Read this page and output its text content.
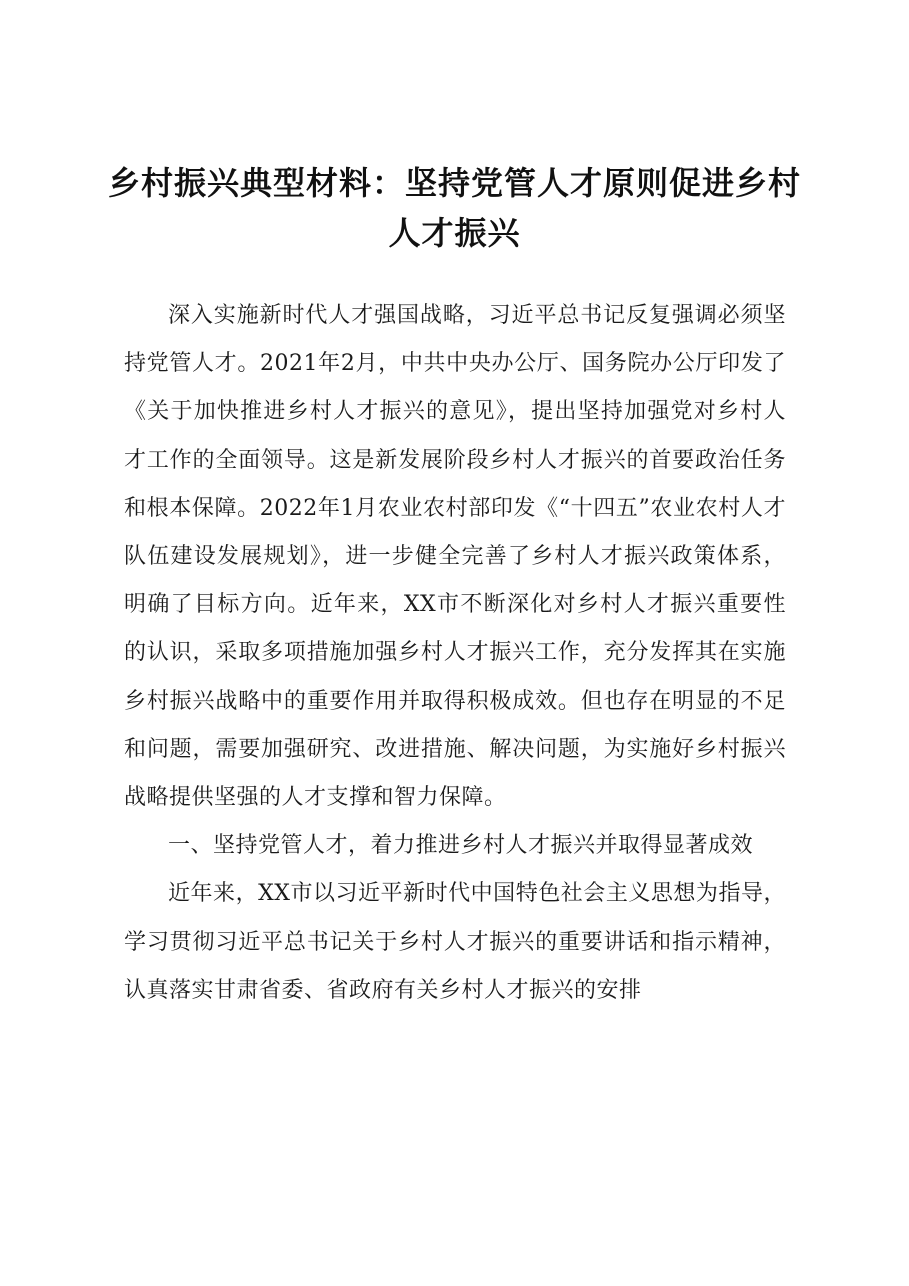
乡村振兴典型材料：坚持党管人才原则促进乡村人才振兴

深入实施新时代人才强国战略，习近平总书记反复强调必须坚持党管人才。2021年2月，中共中央办公厅、国务院办公厅印发了《关于加快推进乡村人才振兴的意见》，提出坚持加强党对乡村人才工作的全面领导。这是新发展阶段乡村人才振兴的首要政治任务和根本保障。2022年1月农业农村部印发《“十四五”农业农村人才队伍建设发展规划》，进一步健全完善了乡村人才振兴政策体系，明确了目标方向。近年来，XX市不断深化对乡村人才振兴重要性的认识，采取多项措施加强乡村人才振兴工作，充分发挥其在实施乡村振兴战略中的重要作用并取得积极成效。但也存在明显的不足和问题，需要加强研究、改进措施、解决问题，为实施好乡村振兴战略提供坚强的人才支撑和智力保障。

一、坚持党管人才，着力推进乡村人才振兴并取得显著成效

近年来，XX市以习近平新时代中国特色社会主义思想为指导，学习贯彻习近平总书记关于乡村人才振兴的重要讲话和指示精神，认真落实甘肃省委、省政府有关乡村人才振兴的安排
